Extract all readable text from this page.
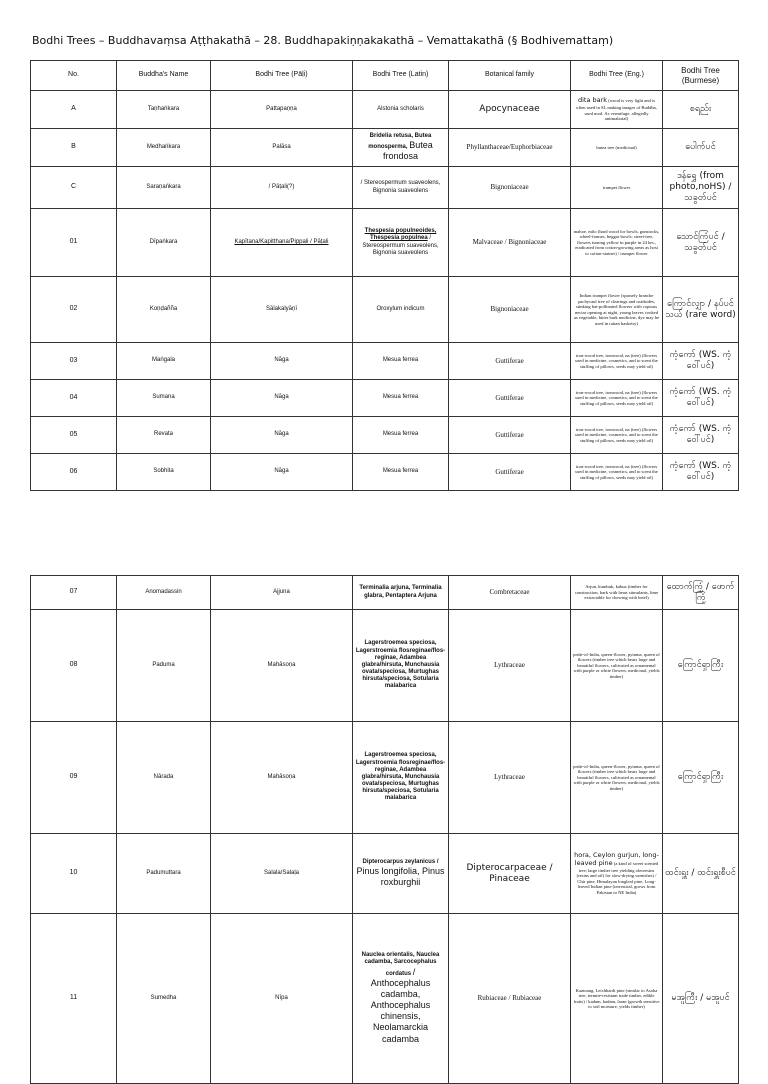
Bodhi Trees – Buddhavaṃsa Aṭṭhakathā – 28. Buddhapakiṇṇakakathā – Vemattakathā (§ Bodhivemattaṃ)
No.	Buddha's Name	Bodhi Tree (Pāḷi)	Bodhi Tree (Latin)	Botanical family	Bodhi Tree (Eng.)	Bodhi Tree (Burmese)
A	Taṇhaṅkara	Pattapaṇṇa	Alstonia scholaris	Apocynaceae	dita bark (wood is very light and is often used in SL making images of Buddha, used mod. As vermifuge, allegedly antimalarial)	စရည်း
B	Medhaṅkara	Palāsa	Bridelia retusa, Butea monosperma, Butea frondosa	Phyllanthaceae/Euphorbiaceae	butea tree (medicinal)	ပေါက်ပင်
C	Saraṇaṅkara	/ Pāṭali(?)	/ Stereospermum suaveolens, Bignonia suaveolens	Bignoniaceae	trumpet flower	ဒန်ရွှေ (from photo,noHS) / သခွတ်ပင်
01	Dīpaṅkara	Kapītana/Kapitthana/Pippali / Pāṭali	Thespesia populneoides, Thespesia populnea / Stereospermum suaveolens, Bignonia suaveolens	Malvaceae / Bignoniaceae	mahoe, milo (hard wood for bowls, gunstocks, wheel-frames, beggar bowls; street-tree, flowers turning yellow in purple in 24 hrs., eradicated from cotton-growing areas as host to cotton-stainer) / trumpet flower	သောင်ကြံပင် / သခွတ်ပင်
02	Koṇḍañña	Sālakalyāṇī	Oroxylum indicum	Bignoniaceae	Indian trumpet flower (sparsely branche pachycaul tree of clearings and roadsides, stinking bat-pollinated flowers with copious nectar opening at night, young leaves cooked as vegetable, bitter bark medicine, dye may be used in rattan basketry)	ကြောင်လျှာ / နပ်ပင်သယ် (rare word)
03	Maṅgala	Nāga	Mesua ferrea	Guttiferae	iron-wood tree, ironwood, na (tree) (flowers used in medicine, cosmetics, and to scent the stuffing of pillows, seeds may yield oil)	ကံ့ကော် (WS. ကံ့ဝေါ်ပင်)
04	Sumana	Nāga	Mesua ferrea	Guttiferae	iron-wood tree, ironwood, na (tree) (flowers used in medicine, cosmetics, and to scent the stuffing of pillows, seeds may yield oil)	ကံ့ကော် (WS. ကံ့ဝေါ်ပင်)
05	Revata	Nāga	Mesua ferrea	Guttiferae	iron-wood tree, ironwood, na (tree) (flowers used in medicine, cosmetics, and to scent the stuffing of pillows, seeds may yield oil)	ကံ့ကော် (WS. ကံ့ဝေါ်ပင်)
06	Sobhita	Nāga	Mesua ferrea	Guttiferae	iron-wood tree, ironwood, na (tree) (flowers used in medicine, cosmetics, and to scent the stuffing of pillows, seeds may yield oil)	ကံ့ကော် (WS. ကံ့ဝေါ်ပင်)
07	Anomadassin	Ajjuna	Terminalia arjuna, Terminalia glabra, Pentaptera Arjuna	Combretaceae	Arjun, kumbuk, kahua (timber for construction, bark with heart stimulants, lime extractable for chewing with betel)	ထောက်ကြံ့ / ဖောက်ကြံ့
08	Paduma	Mahāsoṇa	Lagerstroemea speciosa, Lagerstroemia flosreginae/flos-reginae, Adambea glabra/hirsuta, Munchausia ovata/speciosa, Murtughas hirsuta/speciosa, Sotularia malabarica	Lythraceae	pride-of-India, queen-flower, pyinma, queen of flowers (timber tree which bears large and beautiful flowers, cultivated as ornamental with purple or white flowers, medicinal, yields timber)	ကြောင်ရှာကြီး
09	Nārada	Mahāsoṇa	Lagerstroemea speciosa, Lagerstroemia flosreginae/flos-reginae, Adambea glabra/hirsuta, Munchausia ovata/speciosa, Murtughas hirsuta/speciosa, Sotularia malabarica	Lythraceae	pride-of-India, queen-flower, pyinma, queen of flowers (timber tree which bears large and beautiful flowers, cultivated as ornamental with purple or white flowers, medicinal, yields timber)	ကြောင်ရှာကြီး
10	Padumuttara	Salala/Salaḷa	Dipterocarpus zeylanicus / Pinus longifolia, Pinus roxburghii	Dipterocarpaceae / Pinaceae	hora, Ceylon gurjun, long-leaved pine (a kind of sweet scented tree; large timber tree yielding oleoresins (resins and oil) for slow-drying varnishes) / Chir pine, Himalayan longleaf pine, Long-leaved Indian pine (terrestrial, grows from Pakistan to NE India)	ထင်းရှူး / ထင်းရှူးစီပင်
11	Sumedha	Nīpa	Nauclea orientalis, Nauclea cadamba, Sarcocephalus cordatus / Anthocephalus cadamba, Anthocephalus chinensis, Neolamarckia cadamba	Rubiaceae / Rubiaceae	Kaatoang, Leichhardt pine (similar to Asoka tree, termite-resistant trade timber, edible fruits) / kadam, kadam, laran (growth sensitive to soil moisture, yields timber)	မအူကြီး / မအူပင်
